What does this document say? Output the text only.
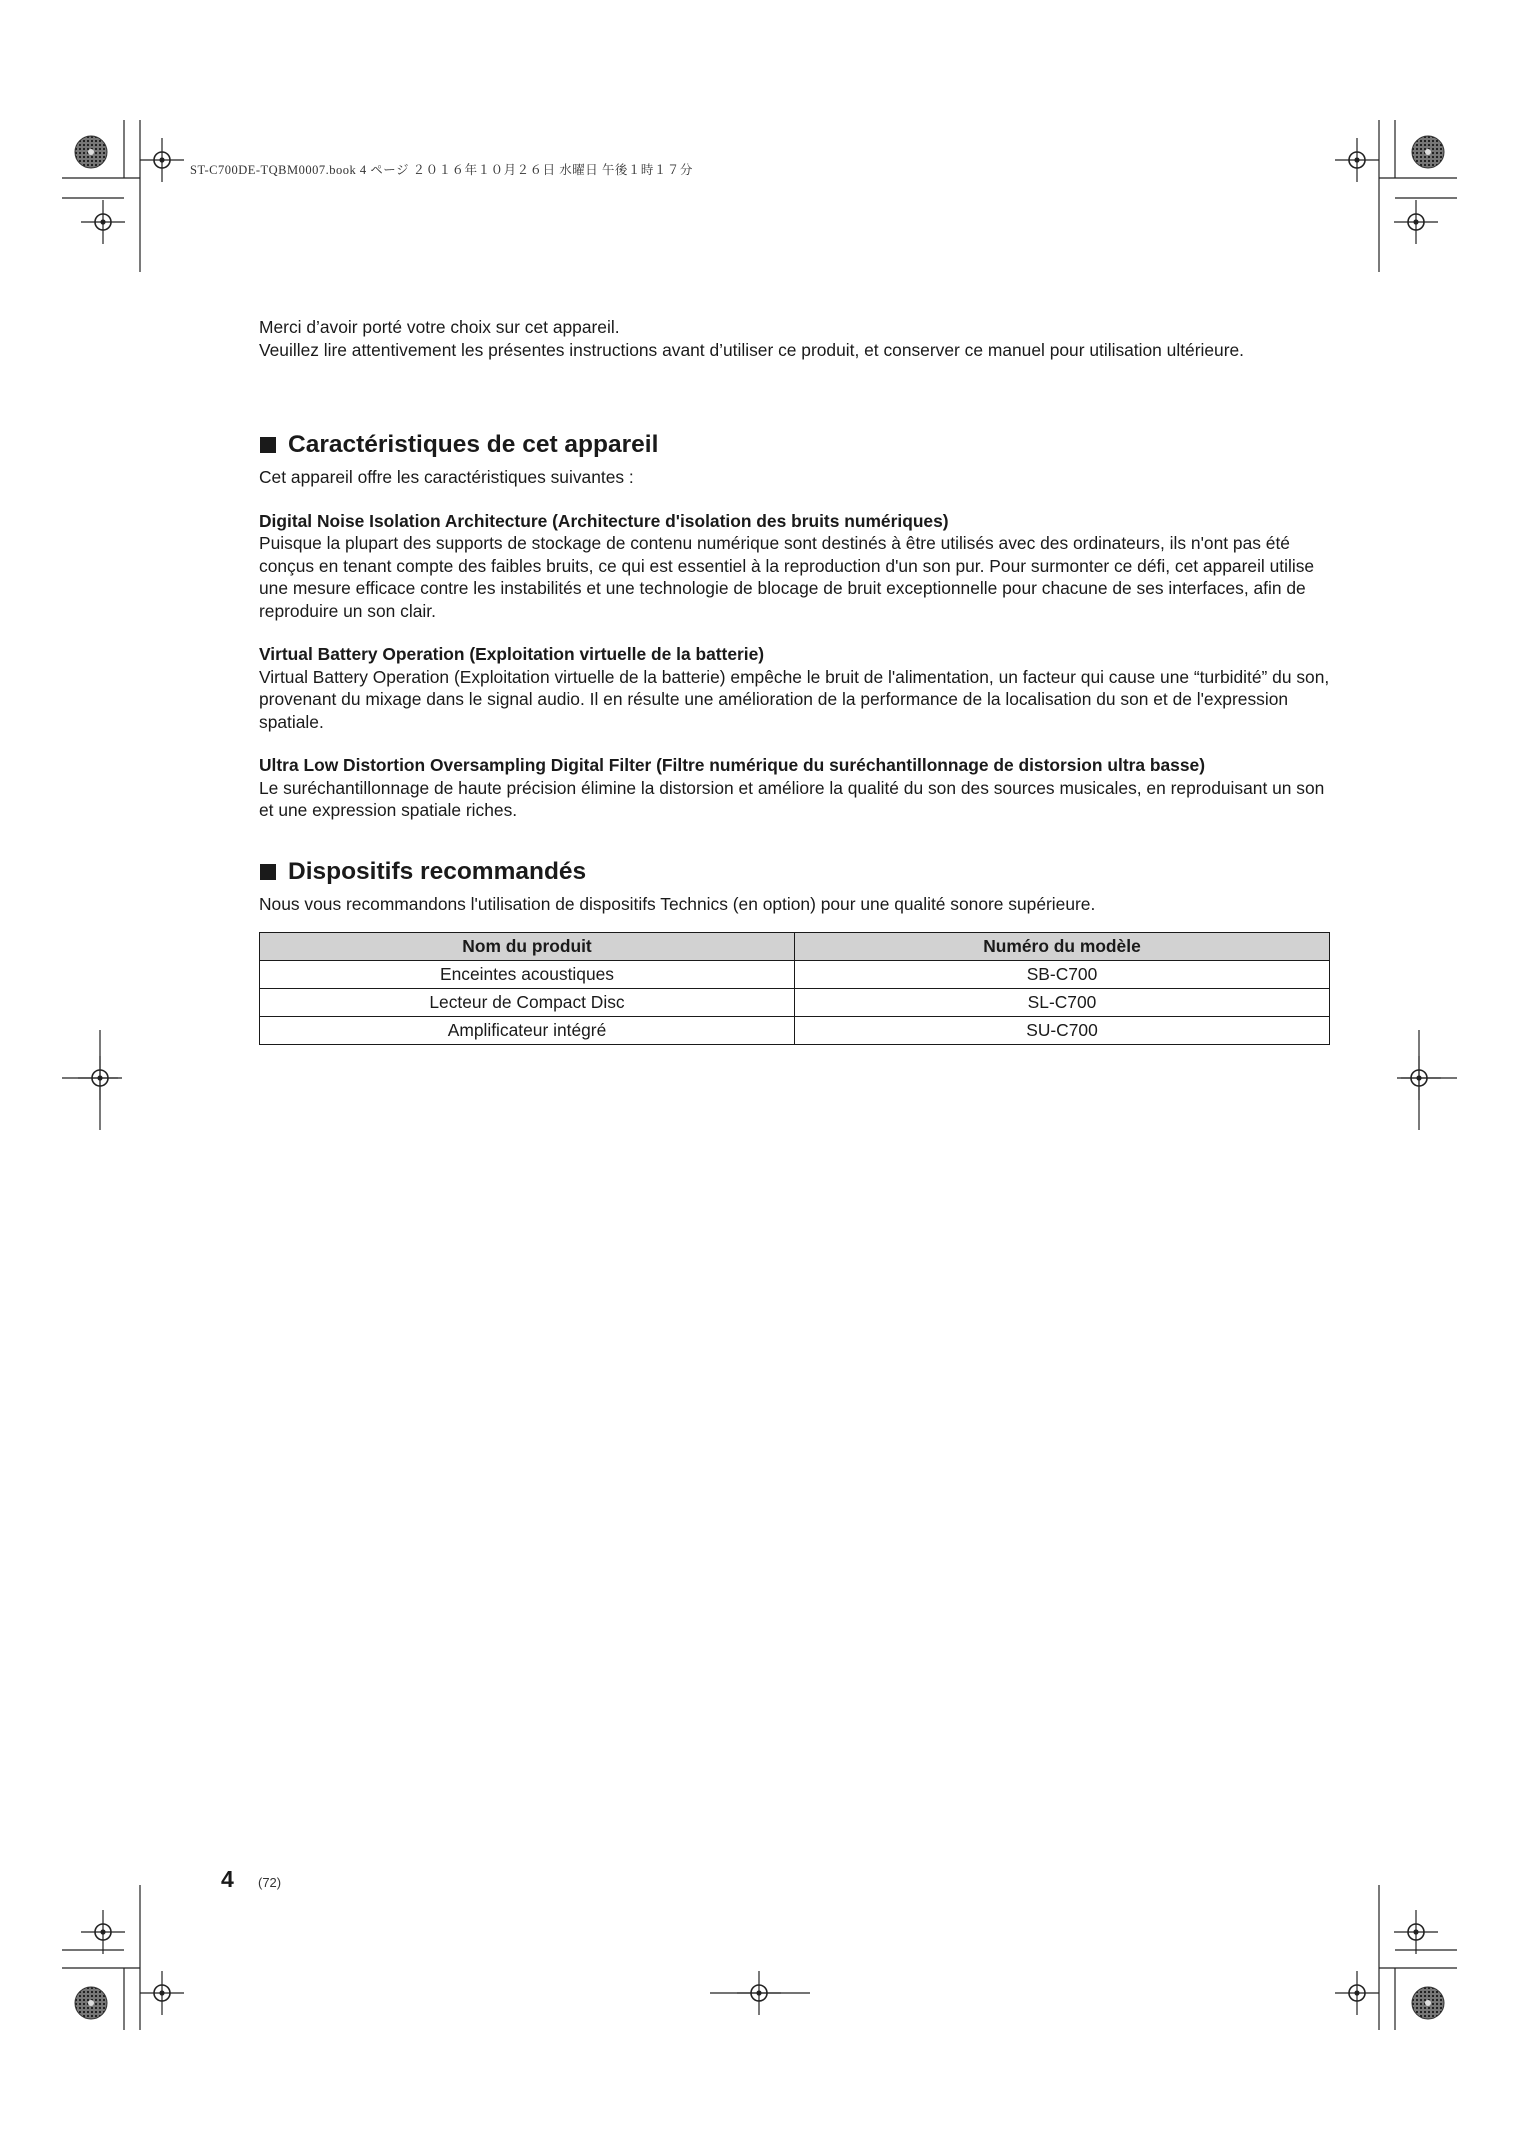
ST-C700DE-TQBM0007.book 4 ページ ２０１６年１０月２６日 水曜日 午後１時１７分

Merci d’avoir porté votre choix sur cet appareil.

Veuillez lire attentivement les présentes instructions avant d’utiliser ce produit, et conserver ce manuel pour utilisation ultérieure.

Caractéristiques de cet appareil

Cet appareil offre les caractéristiques suivantes :

Digital Noise Isolation Architecture (Architecture d'isolation des bruits numériques)

Puisque la plupart des supports de stockage de contenu numérique sont destinés à être utilisés avec des ordinateurs, ils n'ont pas été conçus en tenant compte des faibles bruits, ce qui est essentiel à la reproduction d'un son pur. Pour surmonter ce défi, cet appareil utilise une mesure efficace contre les instabilités et une technologie de blocage de bruit exceptionnelle pour chacune de ses interfaces, afin de reproduire un son clair.

Virtual Battery Operation (Exploitation virtuelle de la batterie)

Virtual Battery Operation (Exploitation virtuelle de la batterie) empêche le bruit de l'alimentation, un facteur qui cause une “turbidité” du son, provenant du mixage dans le signal audio. Il en résulte une amélioration de la performance de la localisation du son et de l'expression spatiale.

Ultra Low Distortion Oversampling Digital Filter (Filtre numérique du suréchantillonnage de distorsion ultra basse)

Le suréchantillonnage de haute précision élimine la distorsion et améliore la qualité du son des sources musicales, en reproduisant un son et une expression spatiale riches.

Dispositifs recommandés

Nous vous recommandons l'utilisation de dispositifs Technics (en option) pour une qualité sonore supérieure.

Nom du produit	Numéro du modèle
Enceintes acoustiques	SB-C700
Lecteur de Compact Disc	SL-C700
Amplificateur intégré	SU-C700
4 (72)
